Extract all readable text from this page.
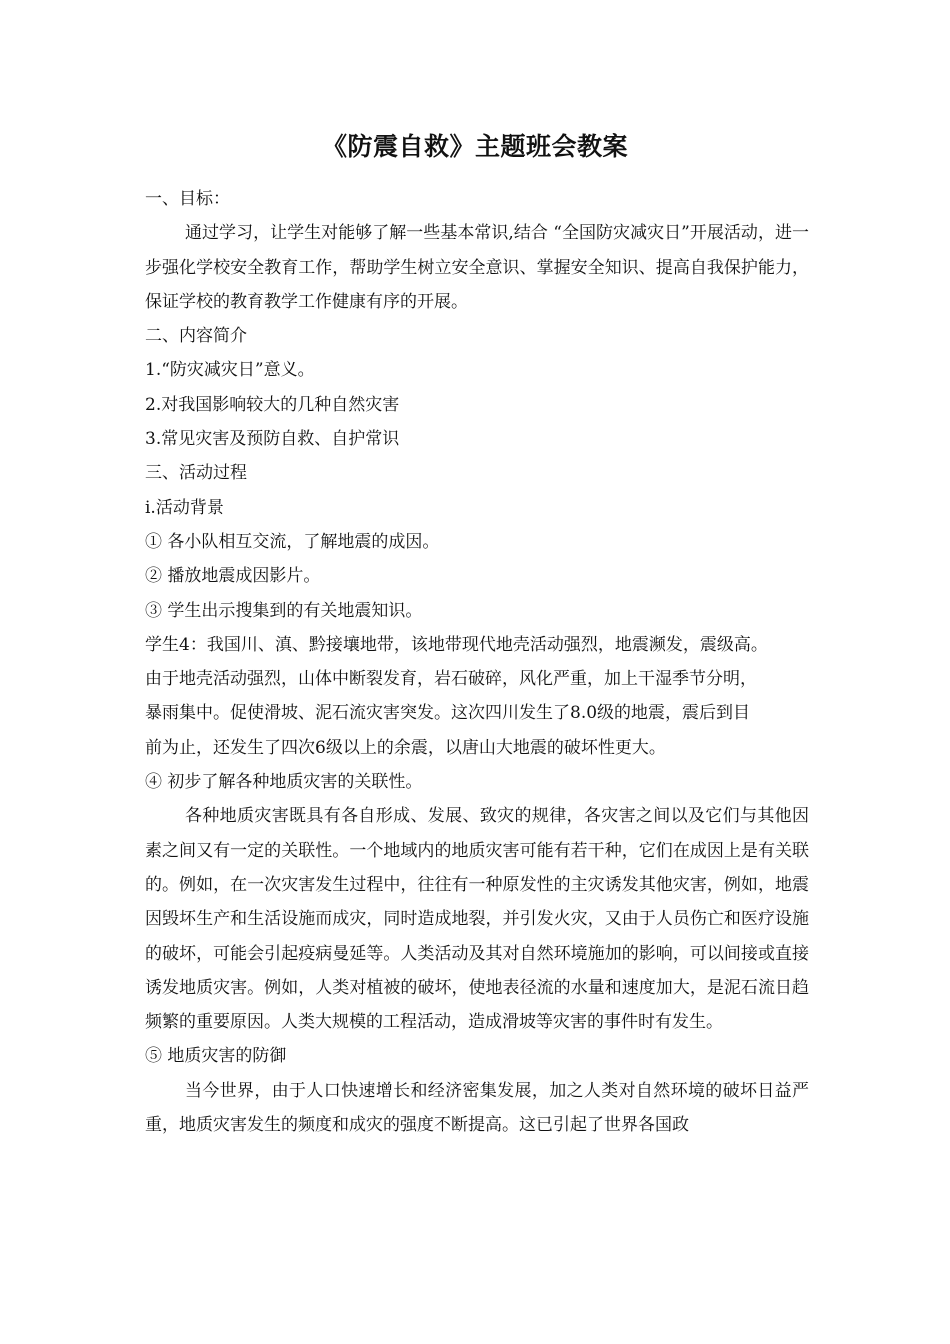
《防震自救》主题班会教案

一、目标：

通过学习，让学生对能够了解一些基本常识,结合 “全国防灾减灾日”开展活动，进一步强化学校安全教育工作，帮助学生树立安全意识、掌握安全知识、提高自我保护能力，保证学校的教育教学工作健康有序的开展。

二、内容简介

1.“防灾减灾日”意义。

2.对我国影响较大的几种自然灾害

3.常见灾害及预防自救、自护常识

三、活动过程

ⅰ.活动背景

① 各小队相互交流，了解地震的成因。

② 播放地震成因影片。

③ 学生出示搜集到的有关地震知识。

学生4：我国川、滇、黔接壤地带，该地带现代地壳活动强烈，地震濒发，震级高。

由于地壳活动强烈，山体中断裂发育，岩石破碎，风化严重，加上干湿季节分明，

暴雨集中。促使滑坡、泥石流灾害突发。这次四川发生了8.0级的地震，震后到目

前为止，还发生了四次6级以上的余震，以唐山大地震的破坏性更大。

④ 初步了解各种地质灾害的关联性。

各种地质灾害既具有各自形成、发展、致灾的规律，各灾害之间以及它们与其他因素之间又有一定的关联性。一个地域内的地质灾害可能有若干种，它们在成因上是有关联的。例如，在一次灾害发生过程中，往往有一种原发性的主灾诱发其他灾害，例如，地震因毁坏生产和生活设施而成灾，同时造成地裂，并引发火灾，又由于人员伤亡和医疗设施的破坏，可能会引起疫病曼延等。人类活动及其对自然环境施加的影响，可以间接或直接诱发地质灾害。例如，人类对植被的破坏，使地表径流的水量和速度加大，是泥石流日趋频繁的重要原因。人类大规模的工程活动，造成滑坡等灾害的事件时有发生。

⑤ 地质灾害的防御

当今世界，由于人口快速增长和经济密集发展，加之人类对自然环境的破坏日益严重，地质灾害发生的频度和成灾的强度不断提高。这已引起了世界各国政
